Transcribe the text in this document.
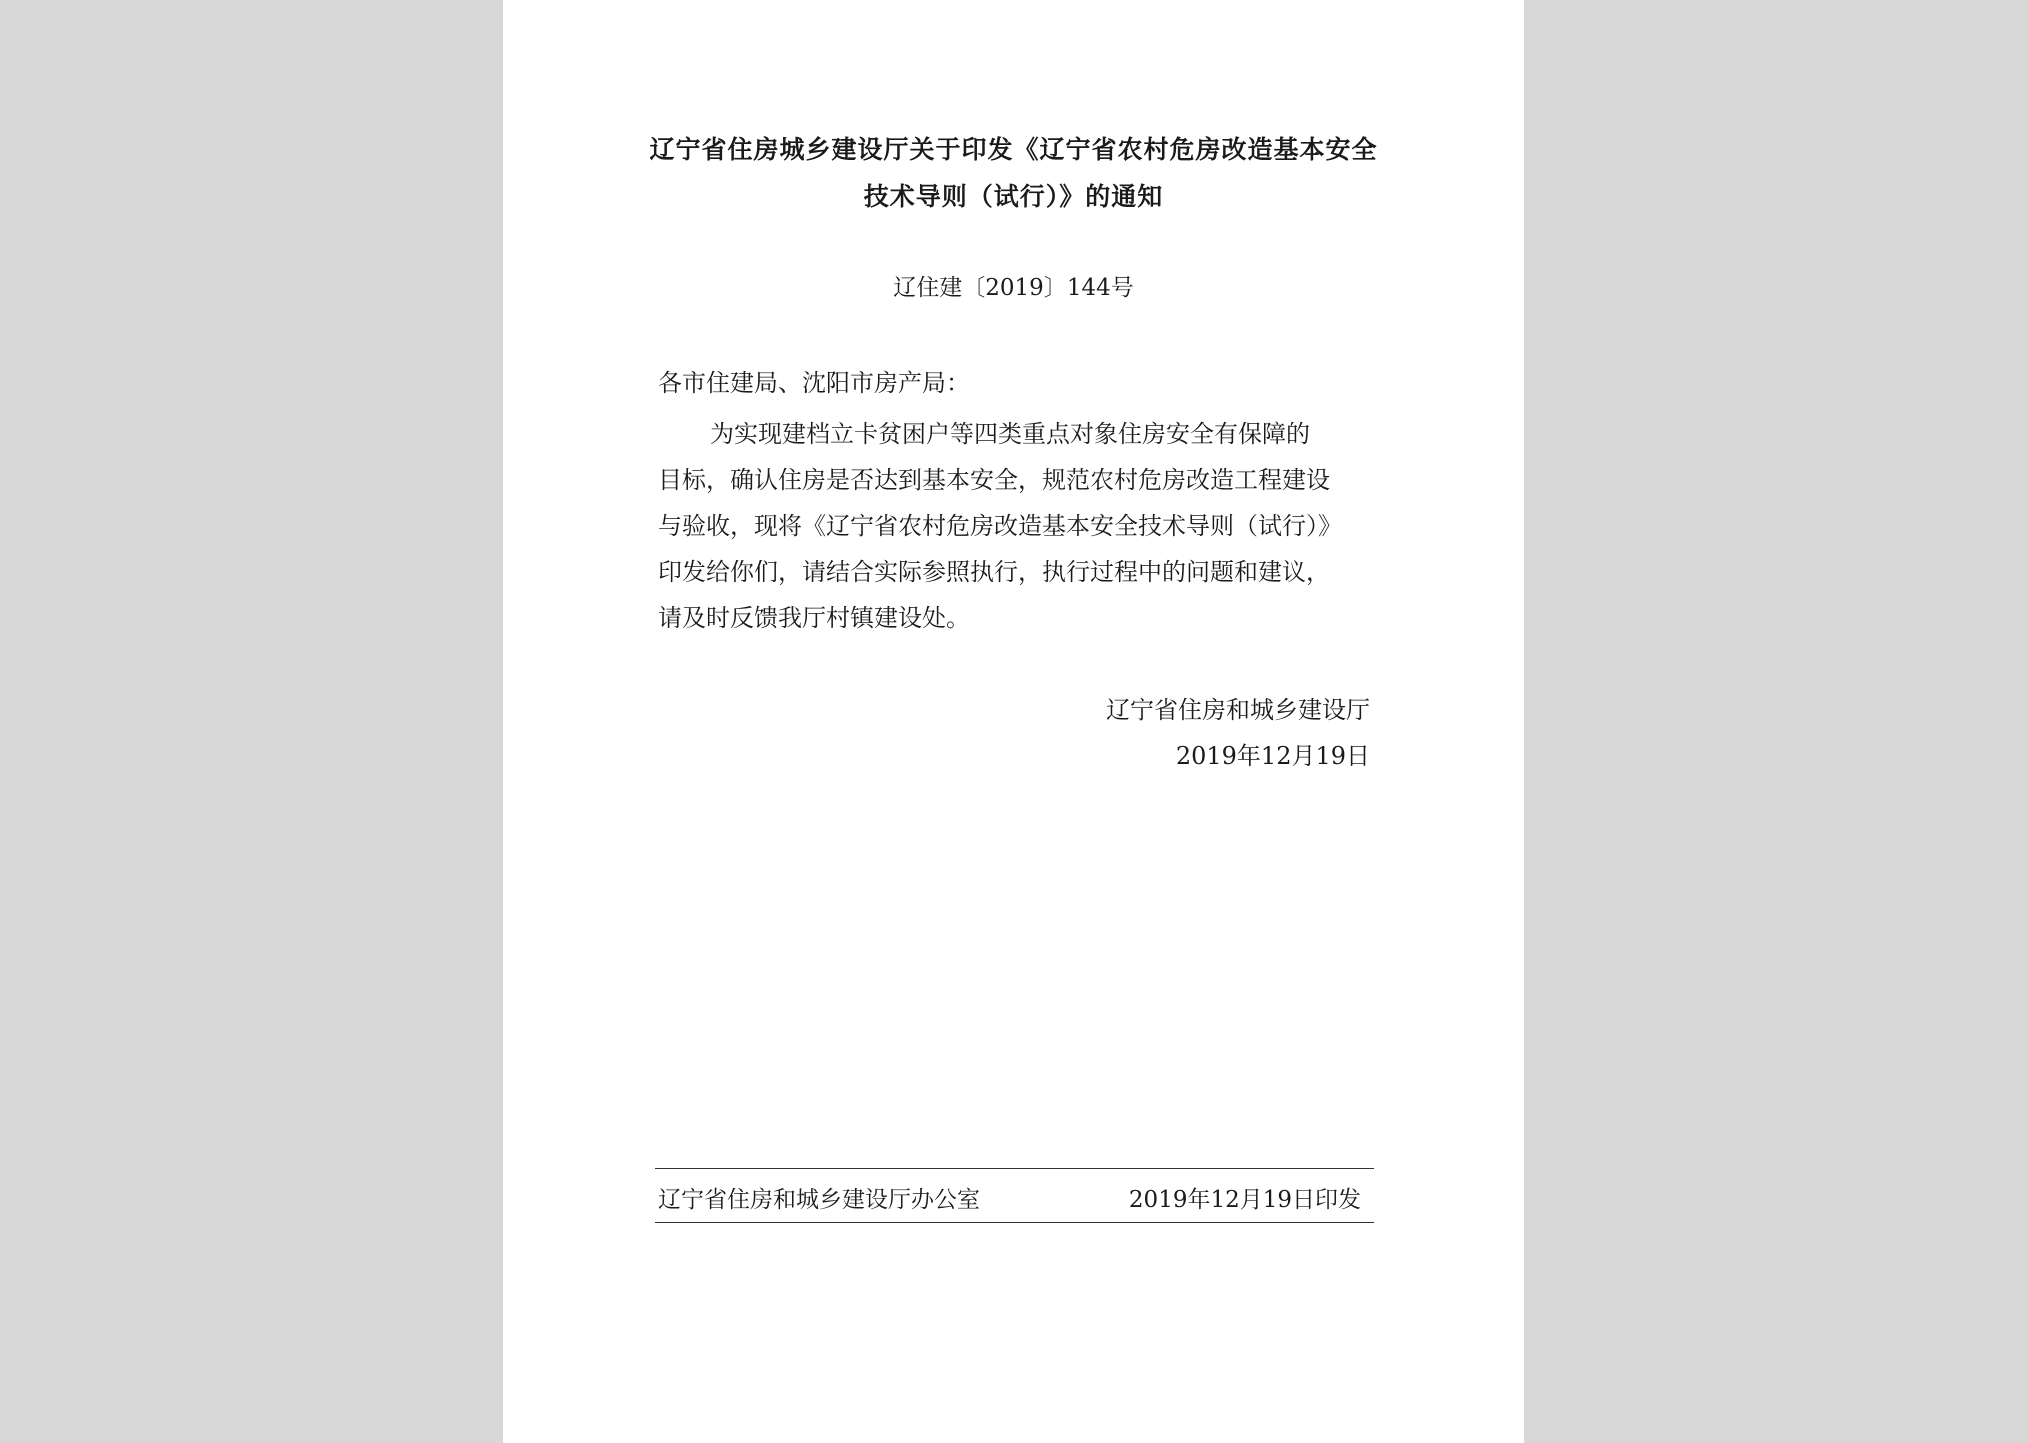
辽宁省住房城乡建设厅关于印发《辽宁省农村危房改造基本安全
技术导则（试行）》的通知
辽住建〔2019〕144号
各市住建局、沈阳市房产局：
为实现建档立卡贫困户等四类重点对象住房安全有保障的
目标，确认住房是否达到基本安全，规范农村危房改造工程建设
与验收，现将《辽宁省农村危房改造基本安全技术导则（试行）》
印发给你们，请结合实际参照执行，执行过程中的问题和建议，
请及时反馈我厅村镇建设处。
辽宁省住房和城乡建设厅
2019年12月19日
辽宁省住房和城乡建设厅办公室	2019年12月19日印发
